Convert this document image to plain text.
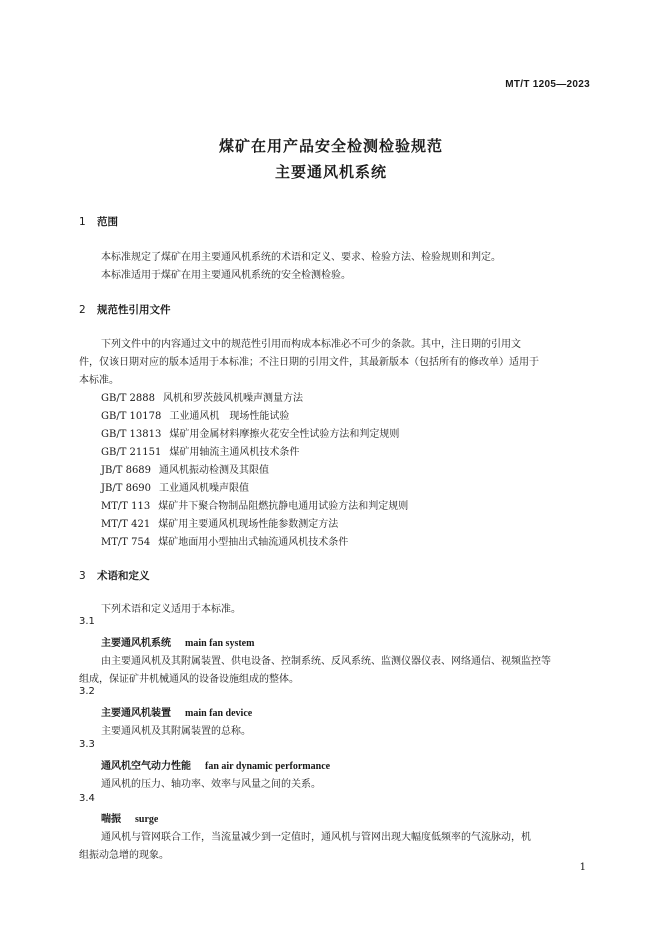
MT/T 1205—2023
煤矿在用产品安全检测检验规范
主要通风机系统
1 范围
本标准规定了煤矿在用主要通风机系统的术语和定义、要求、检验方法、检验规则和判定。
本标准适用于煤矿在用主要通风机系统的安全检测检验。
2 规范性引用文件
下列文件中的内容通过文中的规范性引用而构成本标准必不可少的条款。其中，注日期的引用文
件，仅该日期对应的版本适用于本标准；不注日期的引用文件，其最新版本（包括所有的修改单）适用于
本标准。
GB/T 2888 风机和罗茨鼓风机噪声测量方法
GB/T 10178 工业通风机　现场性能试验
GB/T 13813 煤矿用金属材料摩擦火花安全性试验方法和判定规则
GB/T 21151 煤矿用轴流主通风机技术条件
JB/T 8689 通风机振动检测及其限值
JB/T 8690 工业通风机噪声限值
MT/T 113 煤矿井下聚合物制品阻燃抗静电通用试验方法和判定规则
MT/T 421 煤矿用主要通风机现场性能参数测定方法
MT/T 754 煤矿地面用小型抽出式轴流通风机技术条件
3 术语和定义
下列术语和定义适用于本标准。
3.1
主要通风机系统 main fan system
由主要通风机及其附属装置、供电设备、控制系统、反风系统、监测仪器仪表、网络通信、视频监控等
组成，保证矿井机械通风的设备设施组成的整体。
3.2
主要通风机装置 main fan device
主要通风机及其附属装置的总称。
3.3
通风机空气动力性能 fan air dynamic performance
通风机的压力、轴功率、效率与风量之间的关系。
3.4
喘振 surge
通风机与管网联合工作，当流量减少到一定值时，通风机与管网出现大幅度低频率的气流脉动，机
组振动急增的现象。
1
